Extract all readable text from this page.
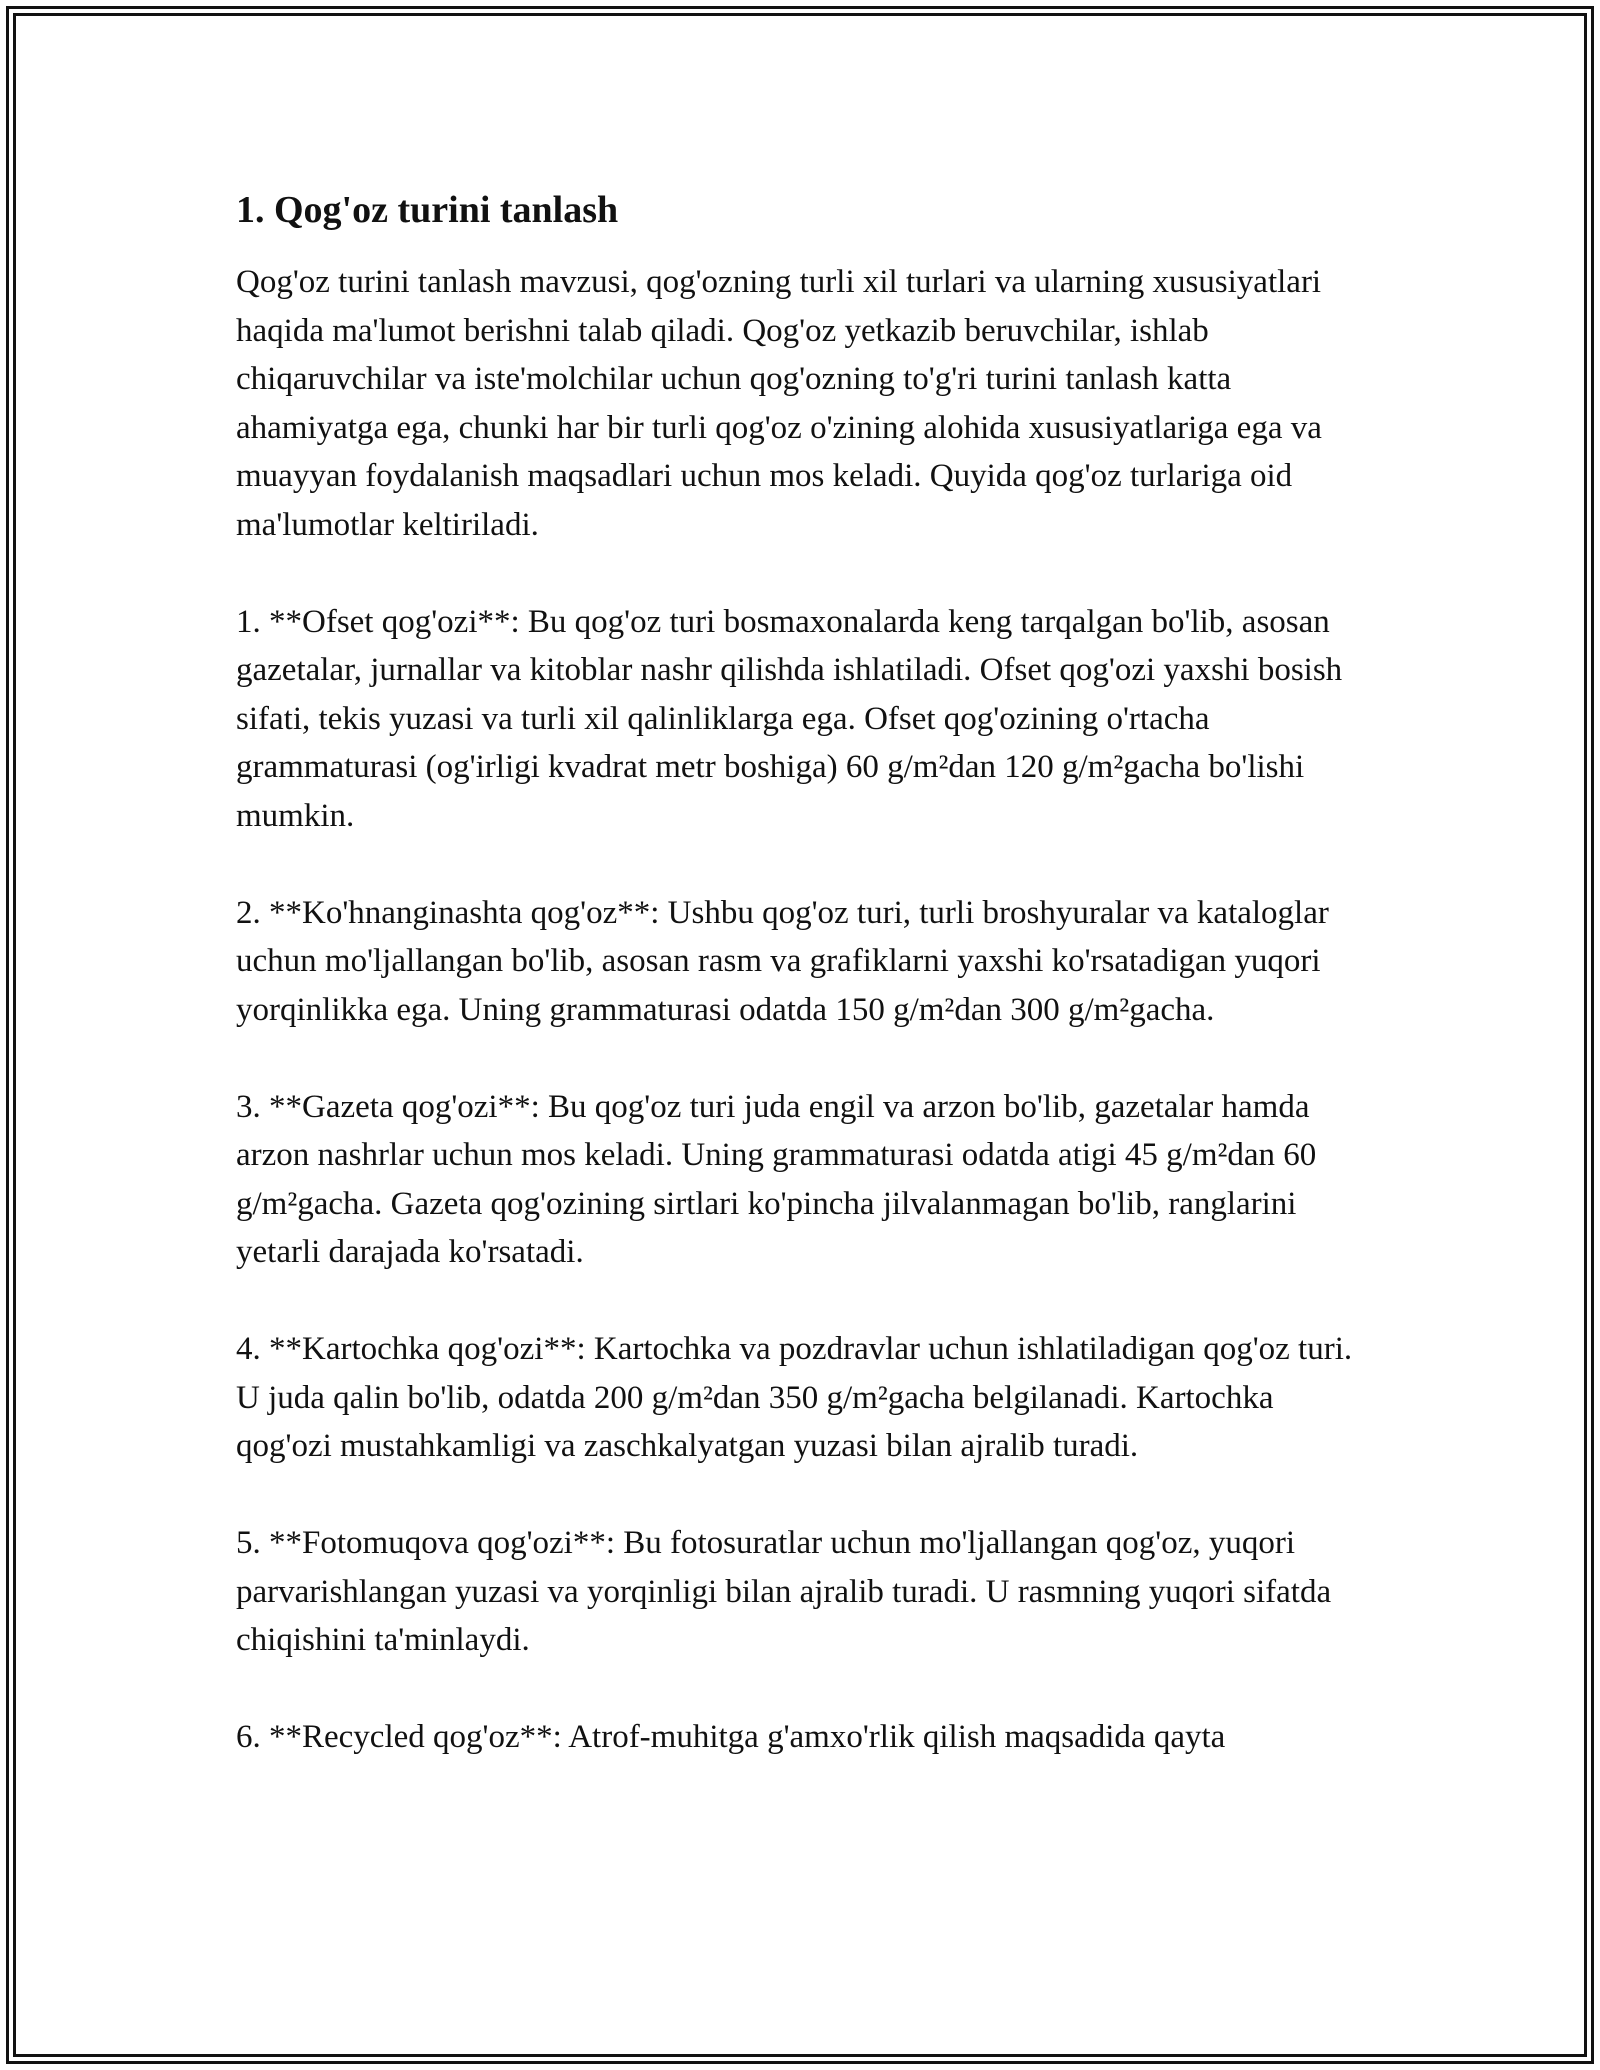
1. Qog'oz turini tanlash

Qog'oz turini tanlash mavzusi, qog'ozning turli xil turlari va ularning xususiyatlari haqida ma'lumot berishni talab qiladi. Qog'oz yetkazib beruvchilar, ishlab chiqaruvchilar va iste'molchilar uchun qog'ozning to'g'ri turini tanlash katta ahamiyatga ega, chunki har bir turli qog'oz o'zining alohida xususiyatlariga ega va muayyan foydalanish maqsadlari uchun mos keladi. Quyida qog'oz turlariga oid ma'lumotlar keltiriladi.

1. **Ofset qog'ozi**: Bu qog'oz turi bosmaxonalarda keng tarqalgan bo'lib, asosan gazetalar, jurnallar va kitoblar nashr qilishda ishlatiladi. Ofset qog'ozi yaxshi bosish sifati, tekis yuzasi va turli xil qalinliklarga ega. Ofset qog'ozining o'rtacha grammaturasi (og'irligi kvadrat metr boshiga) 60 g/m²dan 120 g/m²gacha bo'lishi mumkin.

2. **Ko'hnanginashta qog'oz**: Ushbu qog'oz turi, turli broshyuralar va kataloglar uchun mo'ljallangan bo'lib, asosan rasm va grafiklarni yaxshi ko'rsatadigan yuqori yorqinlikka ega. Uning grammaturasi odatda 150 g/m²dan 300 g/m²gacha.

3. **Gazeta qog'ozi**: Bu qog'oz turi juda engil va arzon bo'lib, gazetalar hamda arzon nashrlar uchun mos keladi. Uning grammaturasi odatda atigi 45 g/m²dan 60 g/m²gacha. Gazeta qog'ozining sirtlari ko'pincha jilvalanmagan bo'lib, ranglarini yetarli darajada ko'rsatadi.

4. **Kartochka qog'ozi**: Kartochka va pozdravlar uchun ishlatiladigan qog'oz turi. U juda qalin bo'lib, odatda 200 g/m²dan 350 g/m²gacha belgilanadi. Kartochka qog'ozi mustahkamligi va zaschkalyatgan yuzasi bilan ajralib turadi.

5. **Fotomuqova qog'ozi**: Bu fotosuratlar uchun mo'ljallangan qog'oz, yuqori parvarishlangan yuzasi va yorqinligi bilan ajralib turadi. U rasmning yuqori sifatda chiqishini ta'minlaydi.

6. **Recycled qog'oz**: Atrof-muhitga g'amxo'rlik qilish maqsadida qayta
